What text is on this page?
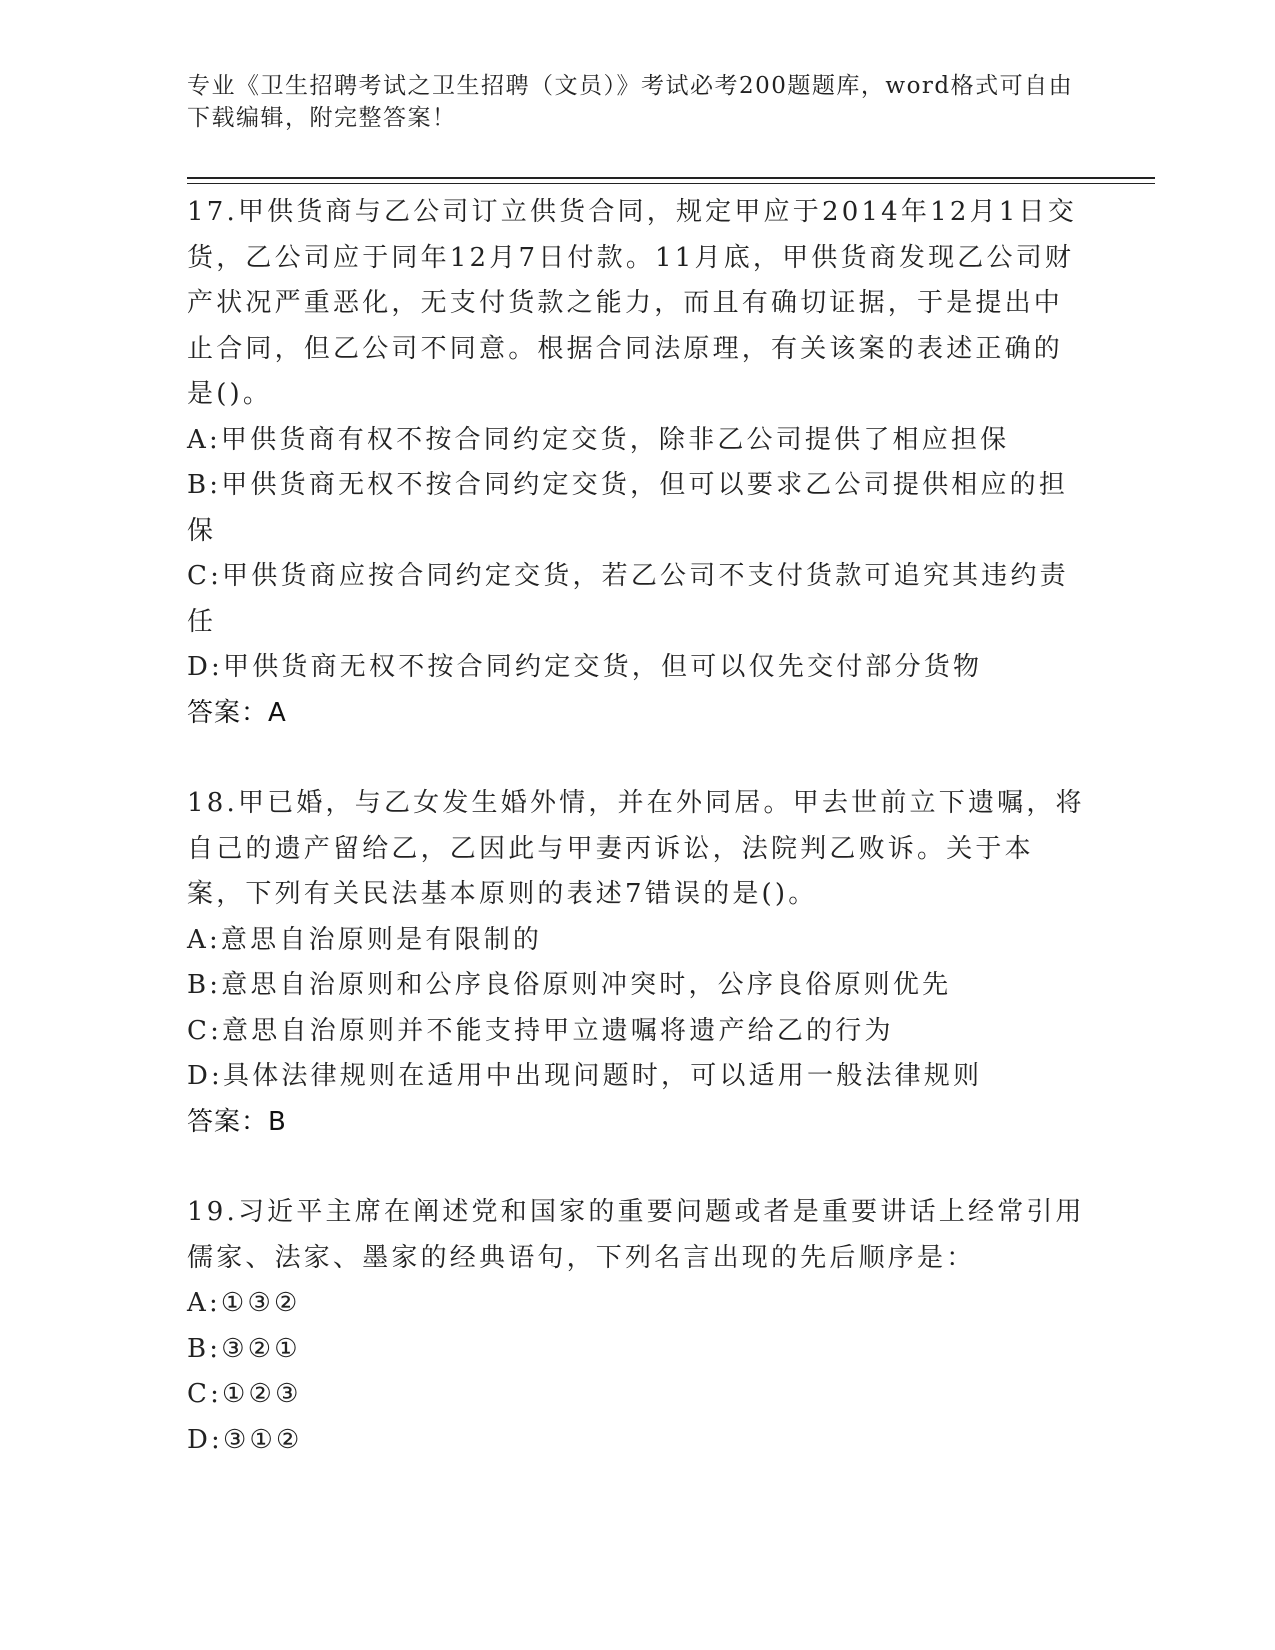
专业《卫生招聘考试之卫生招聘（文员）》考试必考200题题库，word格式可自由下载编辑，附完整答案！

17.甲供货商与乙公司订立供货合同，规定甲应于2014年12月1日交货，乙公司应于同年12月7日付款。11月底，甲供货商发现乙公司财产状况严重恶化，无支付货款之能力，而且有确切证据，于是提出中止合同，但乙公司不同意。根据合同法原理，有关该案的表述正确的是()。

A:甲供货商有权不按合同约定交货，除非乙公司提供了相应担保

B:甲供货商无权不按合同约定交货，但可以要求乙公司提供相应的担保

C:甲供货商应按合同约定交货，若乙公司不支付货款可追究其违约责任

D:甲供货商无权不按合同约定交货，但可以仅先交付部分货物

答案：A

18.甲已婚，与乙女发生婚外情，并在外同居。甲去世前立下遗嘱，将自己的遗产留给乙，乙因此与甲妻丙诉讼，法院判乙败诉。关于本案，下列有关民法基本原则的表述7错误的是()。

A:意思自治原则是有限制的

B:意思自治原则和公序良俗原则冲突时，公序良俗原则优先

C:意思自治原则并不能支持甲立遗嘱将遗产给乙的行为

D:具体法律规则在适用中出现问题时，可以适用一般法律规则

答案：B

19.习近平主席在阐述党和国家的重要问题或者是重要讲话上经常引用儒家、法家、墨家的经典语句，下列名言出现的先后顺序是：

A:①③②

B:③②①

C:①②③

D:③①②
